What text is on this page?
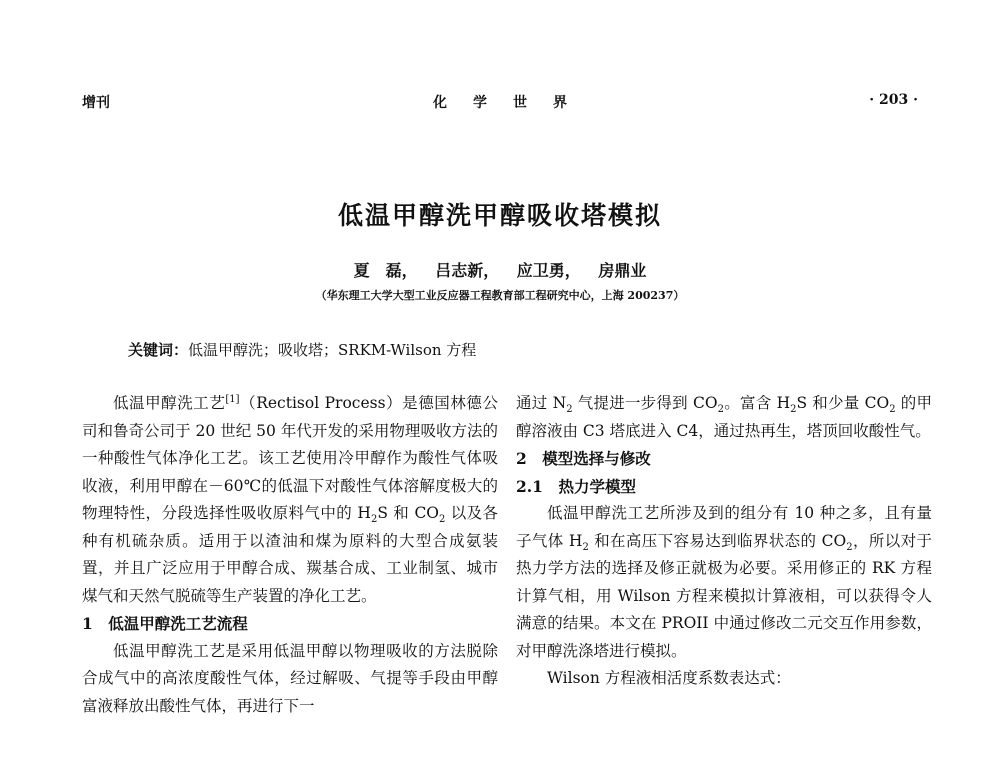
增刊	化学世界	· 203 ·
低温甲醇洗甲醇吸收塔模拟
夏　磊， 吕志新， 应卫勇， 房鼎业
（华东理工大学大型工业反应器工程教育部工程研究中心，上海 200237）
关键词：低温甲醇洗；吸收塔；SRKM-Wilson 方程

低温甲醇洗工艺[1]（Rectisol Process）是德国林德公司和鲁奇公司于 20 世纪 50 年代开发的采用物理吸收方法的一种酸性气体净化工艺。该工艺使用冷甲醇作为酸性气体吸收液，利用甲醇在－60℃的低温下对酸性气体溶解度极大的物理特性，分段选择性吸收原料气中的 $H_2S$ 和 $CO_2$ 以及各种有机硫杂质。适用于以渣油和煤为原料的大型合成氨装置，并且广泛应用于甲醇合成、羰基合成、工业制氢、城市煤气和天然气脱硫等生产装置的净化工艺。

1　低温甲醇洗工艺流程

低温甲醇洗工艺是采用低温甲醇以物理吸收的方法脱除合成气中的高浓度酸性气体，经过解吸、气提等手段由甲醇富液释放出酸性气体，再进行下一

通过 $N_2$ 气提进一步得到 $CO_2$。富含 $H_2S$ 和少量 $CO_2$ 的甲醇溶液由 C3 塔底进入 C4，通过热再生，塔顶回收酸性气。

2　模型选择与修改

2.1　热力学模型

低温甲醇洗工艺所涉及到的组分有 10 种之多，且有量子气体 $H_2$ 和在高压下容易达到临界状态的 $CO_2$，所以对于热力学方法的选择及修正就极为必要。采用修正的 RK 方程计算气相，用 Wilson 方程来模拟计算液相，可以获得令人满意的结果。本文在 PROII 中通过修改二元交互作用参数，对甲醇洗涤塔进行模拟。

Wilson 方程液相活度系数表达式：
